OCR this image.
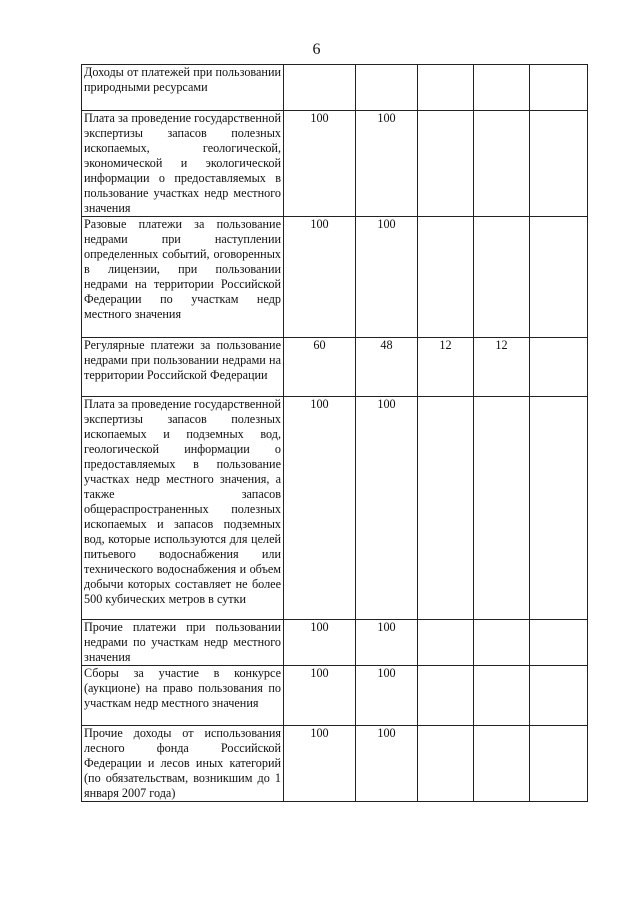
6
Доходы от платежей при пользовании природными ресурсами					
Плата за проведение государственной экспертизы запасов полезных ископаемых, геологической, экономической и экологической информации о предоставляемых в пользование участках недр местного значения	100	100			
Разовые платежи за пользование недрами при наступлении определенных событий, оговоренных в лицензии, при пользовании недрами на территории Российской Федерации по участкам недр местного значения	100	100			
Регулярные платежи за пользование недрами при пользовании недрами на территории Российской Федерации	60	48	12	12	
Плата за проведение государственной экспертизы запасов полезных ископаемых и подземных вод, геологической информации о предоставляемых в пользование участках недр местного значения, а также запасов общераспространенных полезных ископаемых и запасов подземных вод, которые используются для целей питьевого водоснабжения или технического водоснабжения и объем добычи которых составляет не более 500 кубических метров в сутки	100	100			
Прочие платежи при пользовании недрами по участкам недр местного значения	100	100			
Сборы за участие в конкурсе (аукционе) на право пользования по участкам недр местного значения	100	100			
Прочие доходы от использования лесного фонда Российской Федерации и лесов иных категорий (по обязательствам, возникшим до 1 января 2007 года)	100	100			
